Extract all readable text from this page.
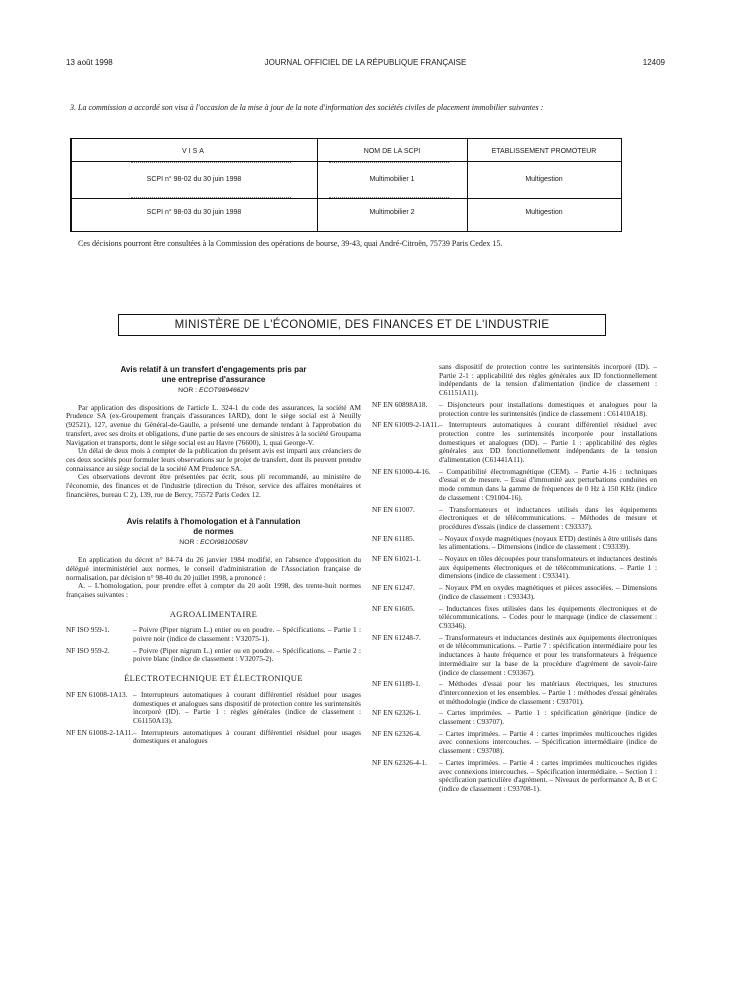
13 août 1998	JOURNAL OFFICIEL DE LA RÉPUBLIQUE FRANÇAISE	12409
3. La commission a accordé son visa à l'occasion de la mise à jour de la note d'information des sociétés civiles de placement immobilier suivantes :
VISA	NOM DE LA SCPI	ETABLISSEMENT PROMOTEUR
SCPI n° 98-02 du 30 juin 1998	Multimobilier 1	Multigestion
SCPI n° 98-03 du 30 juin 1998	Multimobilier 2	Multigestion
Ces décisions pourront être consultées à la Commission des opérations de bourse, 39-43, quai André-Citroën, 75739 Paris Cedex 15.
MINISTÈRE DE L'ÉCONOMIE, DES FINANCES ET DE L'INDUSTRIE
Avis relatif à un transfert d'engagements pris par une entreprise d'assurance
NOR : ECOT9894662V

Par application des dispositions de l'article L. 324-1 du code des assurances, la société AM Prudence SA (ex-Groupement français d'assurances IARD), dont le siège social est à Neuilly (92521), 127, avenue du Général-de-Gaulle, a présenté une demande tendant à l'approbation du transfert, avec ses droits et obligations, d'une partie de ses encours de sinistres à la société Groupama Navigation et transports, dont le siège social est au Havre (76600), 1, quai George-V.

Un délai de deux mois à compter de la publication du présent avis est imparti aux créanciers de ces deux sociétés pour formuler leurs observations sur le projet de transfert, dont ils peuvent prendre connaissance au siège social de la société AM Prudence SA.

Ces observations devront être présentées par écrit, sous pli recommandé, au ministère de l'économie, des finances et de l'industrie (direction du Trésor, service des affaires monétaires et financières, bureau C 2), 139, rue de Bercy, 75572 Paris Cedex 12.

Avis relatifs à l'homologation et à l'annulation de normes
NOR : ECOI9810058V

En application du décret n° 84-74 du 26 janvier 1984 modifié, en l'absence d'opposition du délégué interministériel aux normes, le conseil d'administration de l'Association française de normalisation, par décision n° 98-40 du 20 juillet 1998, a prononcé :

A. – L'homologation, pour prendre effet à compter du 20 août 1998, des trente-huit normes françaises suivantes :

AGROALIMENTAIRE
NF ISO 959-1.	– Poivre (Piper nigrum L.) entier ou en poudre. – Spécifications. – Partie 1 : poivre noir (indice de classement : V32075-1).
NF ISO 959-2.	– Poivre (Piper nigrum L.) entier ou en poudre. – Spécifications. – Partie 2 : poivre blanc (indice de classement : V32075-2).
ÉLECTROTECHNIQUE ET ÉLECTRONIQUE
NF EN 61008-1A13. – Interrupteurs automatiques à courant différentiel résiduel pour usages domestiques et analogues sans dispositif de protection contre les surintensités incorporé (ID). – Partie 1 : règles générales (indice de classement : C61150A13).
NF EN 61008-2-1A11. – Interrupteurs automatiques à courant différentiel résiduel pour usages domestiques et analogues
sans dispositif de protection contre les surintensités incorporé (ID). – Partie 2-1 : applicabilité des règles générales aux ID fonctionnellement indépendants de la tension d'alimentation (indice de classement : C61151A11).
NF EN 60898A18.	– Disjoncteurs pour installations domestiques et analogues pour la protection contre les surintensités (indice de classement : C61410A18).
NF EN 61009-2-1A11. – Interrupteurs automatiques à courant différentiel résiduel avec protection contre les surintensités incorporée pour installations domestiques et analogues (DD). – Partie 1 : applicabilité des règles générales aux DD fonctionnellement indépendants de la tension d'alimentation (C61441A11).
NF EN 61000-4-16.	– Compatibilité électromagnétique (CEM). – Partie 4-16 : techniques d'essai et de mesure. – Essai d'immunité aux perturbations conduites en mode commun dans la gamme de fréquences de 0 Hz à 150 KHz (indice de classement : C91004-16).
NF EN 61007.	– Transformateurs et inductances utilisés dans les équipements électroniques et de télécommunications. – Méthodes de mesure et procédures d'essais (indice de classement : C93337).
NF EN 61185.	– Noyaux d'oxyde magnétiques (noyaux ETD) destinés à être utilisés dans les alimentations. – Dimensions (indice de classement : C93339).
NF EN 61021-1.	– Noyaux en tôles découpées pour transformateurs et inductances destinés aux équipements électroniques et de télécommunications. – Partie 1 : dimensions (indice de classement : C93341).
NF EN 61247.	– Noyaux PM en oxydes magnétiques et pièces associées. – Dimensions (indice de classement : C93343).
NF EN 61605.	– Inductances fixes utilisées dans les équipements électroniques et de télécommunications. – Codes pour le marquage (indice de classement : C93346).
NF EN 61248-7.	– Transformateurs et inductances destinés aux équipements électroniques et de télécommunications. – Partie 7 : spécification intermédiaire pour les inductances à haute fréquence et pour les transformateurs à fréquence intermédiaire sur la base de la procédure d'agrément de savoir-faire (indice de classement : C93367).
NF EN 61189-1.	– Méthodes d'essai pour les matériaux électriques, les structures d'interconnexion et les ensembles. – Partie 1 : méthodes d'essai générales et méthodologie (indice de classement : C93701).
NF EN 62326-1.	– Cartes imprimées. – Partie 1 : spécification générique (indice de classement : C93707).
NF EN 62326-4.	– Cartes imprimées. – Partie 4 : cartes imprimées multicouches rigides avec connexions intercouches. – Spécification intermédiaire (indice de classement : C93708).
NF EN 62326-4-1.	– Cartes imprimées. – Partie 4 : cartes imprimées multicouches rigides avec connexions intercouches. – Spécification intermédiaire. – Section 1 : spécification particulière d'agrément. – Niveaux de performance A, B et C (indice de classement : C93708-1).
